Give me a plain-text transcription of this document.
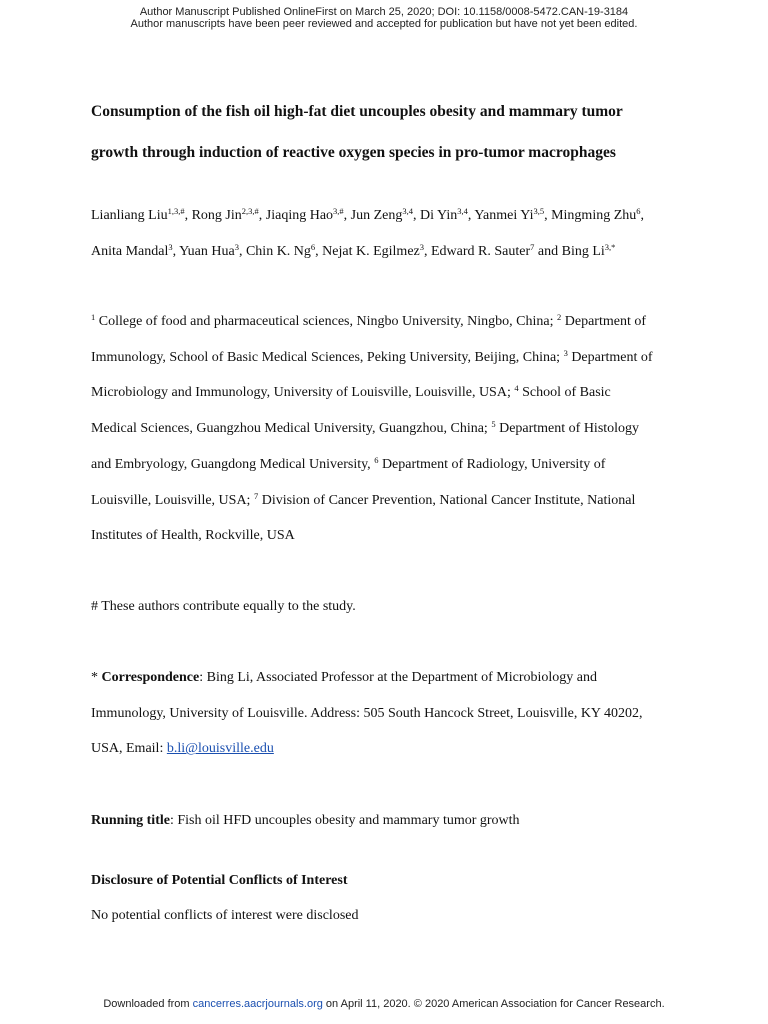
Author Manuscript Published OnlineFirst on March 25, 2020; DOI: 10.1158/0008-5472.CAN-19-3184
Author manuscripts have been peer reviewed and accepted for publication but have not yet been edited.
Consumption of the fish oil high-fat diet uncouples obesity and mammary tumor
growth through induction of reactive oxygen species in pro-tumor macrophages
Lianliang Liu$^{1,3,\#}$, Rong Jin$^{2,3,\#}$, Jiaqing Hao$^{3,\#}$, Jun Zeng$^{3,4}$, Di Yin$^{3,4}$, Yanmei Yi$^{3,5}$, Mingming Zhu$^6$,
Anita Mandal$^3$, Yuan Hua$^3$, Chin K. Ng$^6$, Nejat K. Egilmez$^3$, Edward R. Sauter$^7$ and Bing $Li^{3,*}$
$^1$ College of food and pharmaceutical sciences, Ningbo University, Ningbo, China; $^2$ Department of
Immunology, School of Basic Medical Sciences, Peking University, Beijing, China; $^3$ Department of
Microbiology and Immunology, University of Louisville, Louisville, USA; $^4$ School of Basic
Medical Sciences, Guangzhou Medical University, Guangzhou, China; $^5$ Department of Histology
and Embryology, Guangdong Medical University, $^6$ Department of Radiology, University of
Louisville, Louisville, USA; $^7$ Division of Cancer Prevention, National Cancer Institute, National
Institutes of Health, Rockville, USA
# These authors contribute equally to the study.
* Correspondence: Bing Li, Associated Professor at the Department of Microbiology and
Immunology, University of Louisville. Address: 505 South Hancock Street, Louisville, KY 40202,
USA, Email: b.li@louisville.edu
Running title: Fish oil HFD uncouples obesity and mammary tumor growth
Disclosure of Potential Conflicts of Interest
No potential conflicts of interest were disclosed
Downloaded from cancerres.aacrjournals.org on April 11, 2020. © 2020 American Association for Cancer Research.
